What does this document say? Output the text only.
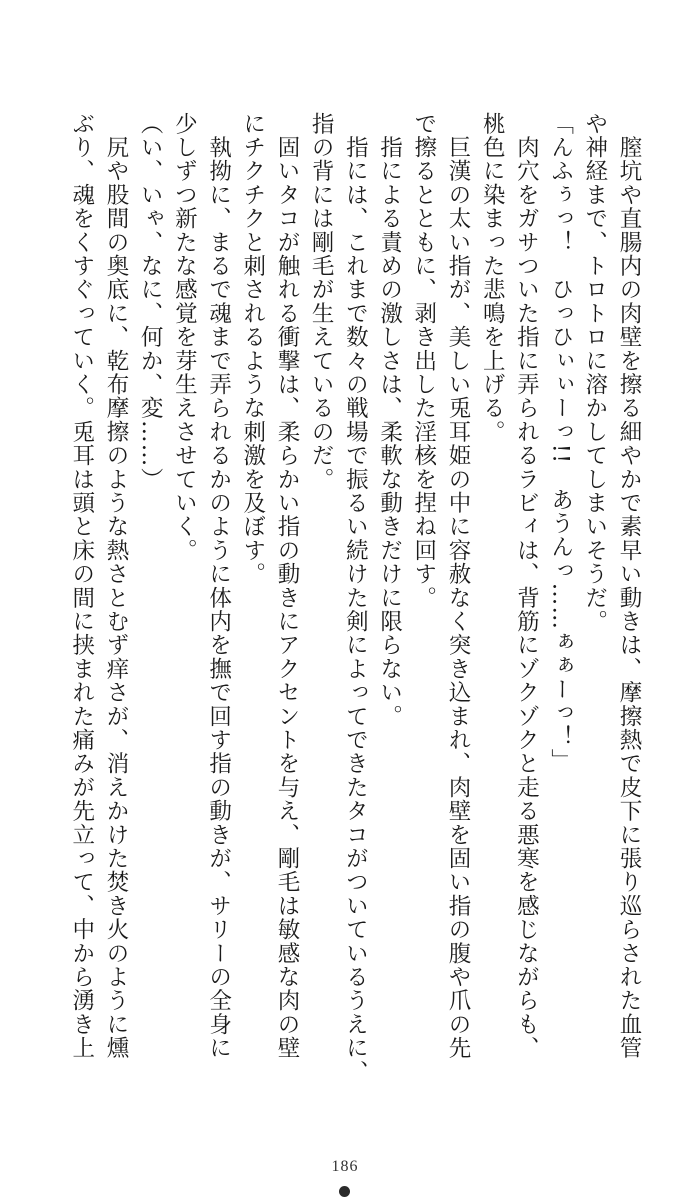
　膣坑や直腸内の肉壁を擦る細やかで素早い動きは、摩擦熱で皮下に張り巡らされた血管
や神経まで、トロトロに溶かしてしまいそうだ。
「んふぅっ！　ひっひぃぃーっ!!　あうんっ……ぁぁーっ！」
　肉穴をガサついた指に弄られるラビィは、背筋にゾクゾクと走る悪寒を感じながらも、
桃色に染まった悲鳴を上げる。
　巨漢の太い指が、美しい兎耳姫の中に容赦なく突き込まれ、肉壁を固い指の腹や爪の先
で擦るとともに、剥き出した淫核を捏ね回す。
　指による責めの激しさは、柔軟な動きだけに限らない。
　指には、これまで数々の戦場で振るい続けた剣によってできたタコがついているうえに、
指の背には剛毛が生えているのだ。
　固いタコが触れる衝撃は、柔らかい指の動きにアクセントを与え、剛毛は敏感な肉の壁
にチクチクと刺されるような刺激を及ぼす。
　執拗に、まるで魂まで弄られるかのように体内を撫で回す指の動きが、サリーの全身に
少しずつ新たな感覚を芽生えさせていく。
（い、いゃ、なに、何か、変……）
　尻や股間の奥底に、乾布摩擦のような熱さとむず痒さが、消えかけた焚き火のように燻
ぶり、魂をくすぐっていく。兎耳は頭と床の間に挟まれた痛みが先立って、中から湧き上
186
